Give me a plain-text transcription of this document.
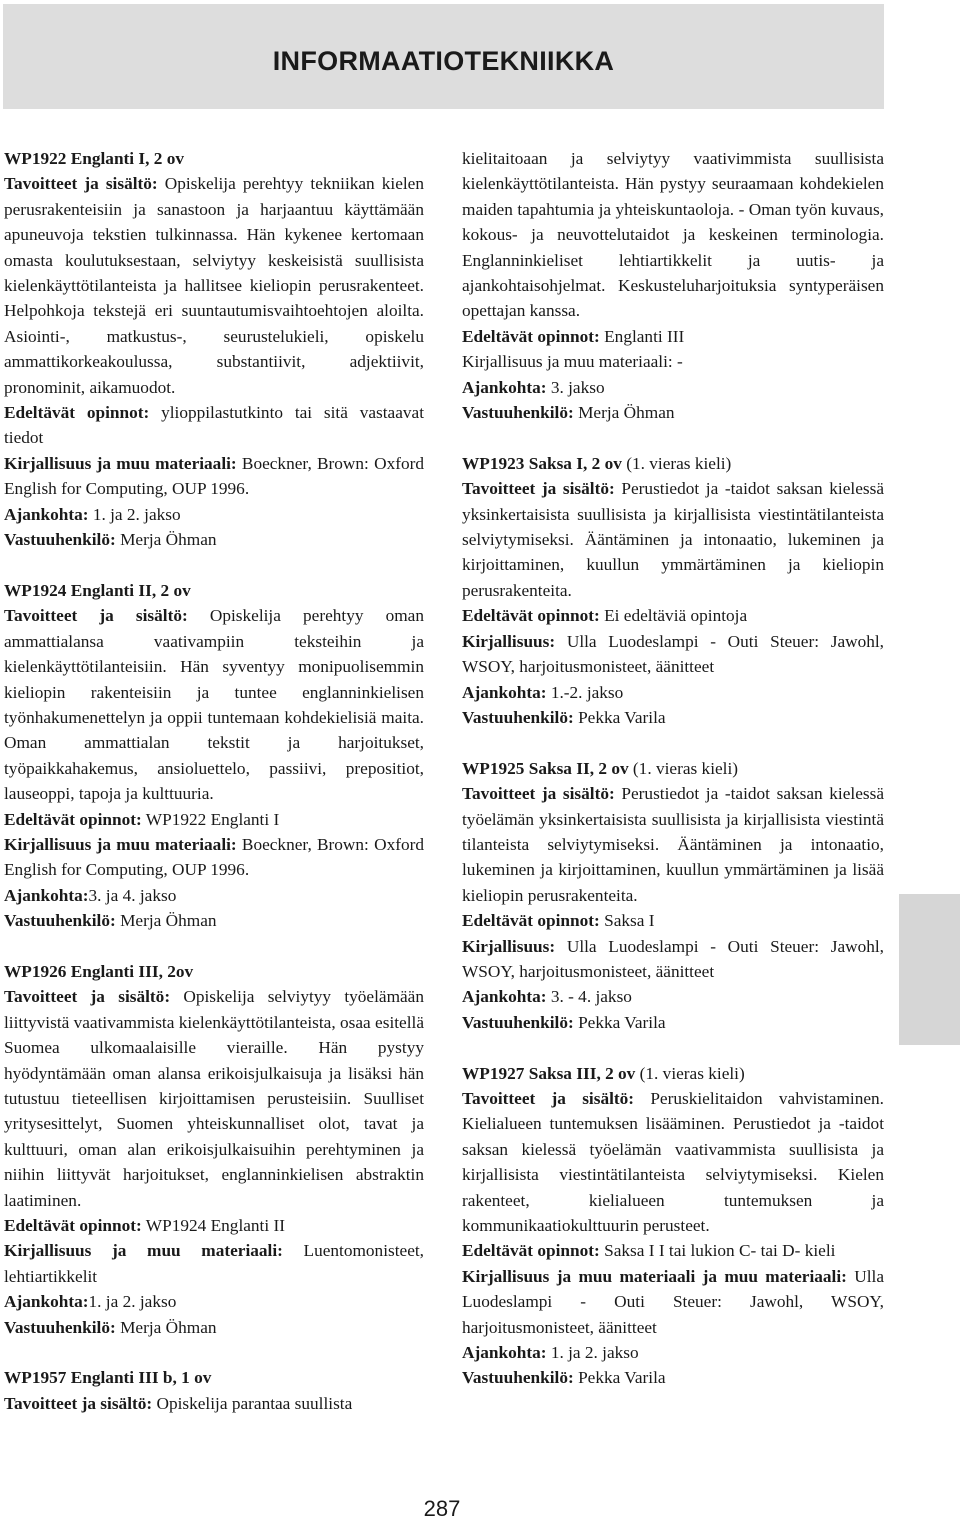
INFORMAATIOTEKNIIKKA
WP1922 Englanti I, 2 ov
Tavoitteet ja sisältö: Opiskelija perehtyy tekniikan kielen perusrakenteisiin ja sanastoon ja harjaantuu käyttämään apuneuvoja tekstien tulkinnassa. Hän kykenee kertomaan omasta koulutuksestaan, selviytyy keskeisistä suullisista kielenkäyttötilanteista ja hallitsee kieliopin perusrakenteet. Helpohkoja tekstejä eri suuntautumisvaihtoehtojen aloilta. Asiointi-, matkustus-, seurustelukieli, opiskelu ammattikorkeakoulussa, substantiivit, adjektiivit, pronominit, aikamuodot.
Edeltävät opinnot: ylioppilastutkinto tai sitä vastaavat tiedot
Kirjallisuus ja muu materiaali: Boeckner, Brown: Oxford English for Computing, OUP 1996.
Ajankohta: 1. ja 2. jakso
Vastuuhenkilö: Merja Öhman
WP1924 Englanti II, 2 ov
Tavoitteet ja sisältö: Opiskelija perehtyy oman ammattialansa vaativampiin teksteihin ja kielenkäyttötilanteisiin. Hän syventyy monipuolisemmin kieliopin rakenteisiin ja tuntee englanninkielisen työnhakumenettelyn ja oppii tuntemaan kohdekielisiä maita. Oman ammattialan tekstit ja harjoitukset, työpaikkahakemus, ansioluettelo, passiivi, prepositiot, lauseoppi, tapoja ja kulttuuria.
Edeltävät opinnot: WP1922 Englanti I
Kirjallisuus ja muu materiaali: Boeckner, Brown: Oxford English for Computing, OUP 1996.
Ajankohta:3. ja 4. jakso
Vastuuhenkilö: Merja Öhman
WP1926 Englanti III, 2ov
Tavoitteet ja sisältö: Opiskelija selviytyy työelämään liittyvistä vaativammista kielenkäyttötilanteista, osaa esitellä Suomea ulkomaalaisille vieraille. Hän pystyy hyödyntämään oman alansa erikoisjulkaisuja ja lisäksi hän tutustuu tieteellisen kirjoittamisen perusteisiin. Suulliset yritysesittelyt, Suomen yhteiskunnalliset olot, tavat ja kulttuuri, oman alan erikoisjulkaisuihin perehtyminen ja niihin liittyvät harjoitukset, englanninkielisen abstraktin laatiminen.
Edeltävät opinnot: WP1924 Englanti II
Kirjallisuus ja muu materiaali: Luentomonisteet, lehtiartikkelit
Ajankohta:1. ja 2. jakso
Vastuuhenkilö: Merja Öhman
WP1957 Englanti III b, 1 ov
Tavoitteet ja sisältö: Opiskelija parantaa suullista
kielitaitoaan ja selviytyy vaativimmista suullisista kielenkäyttötilanteista. Hän pystyy seuraamaan kohdekielen maiden tapahtumia ja yhteiskuntaoloja. - Oman työn kuvaus, kokous- ja neuvottelutaidot ja keskeinen terminologia. Englanninkieliset lehtiartikkelit ja uutis- ja ajankohtaisohjelmat. Keskusteluharjoituksia syntyperäisen opettajan kanssa.
Edeltävät opinnot: Englanti III
Kirjallisuus ja muu materiaali: -
Ajankohta: 3. jakso
Vastuuhenkilö: Merja Öhman
WP1923 Saksa I, 2 ov (1. vieras kieli)
Tavoitteet ja sisältö: Perustiedot ja -taidot saksan kielessä yksinkertaisista suullisista ja kirjallisista viestintätilanteista selviytymiseksi. Ääntäminen ja intonaatio, lukeminen ja kirjoittaminen, kuullun ymmärtäminen ja kieliopin perusrakenteita.
Edeltävät opinnot: Ei edeltäviä opintoja
Kirjallisuus: Ulla Luodeslampi - Outi Steuer: Jawohl, WSOY, harjoitusmonisteet, äänitteet
Ajankohta: 1.-2. jakso
Vastuuhenkilö: Pekka Varila
WP1925 Saksa II, 2 ov (1. vieras kieli)
Tavoitteet ja sisältö: Perustiedot ja -taidot saksan kielessä työelämän yksinkertaisista suullisista ja kirjallisista viestintä tilanteista selviytymiseksi. Ääntäminen ja intonaatio, lukeminen ja kirjoittaminen, kuullun ymmärtäminen ja lisää kieliopin perusrakenteita.
Edeltävät opinnot: Saksa I
Kirjallisuus: Ulla Luodeslampi - Outi Steuer: Jawohl, WSOY, harjoitusmonisteet, äänitteet
Ajankohta: 3. - 4. jakso
Vastuuhenkilö: Pekka Varila
WP1927 Saksa III, 2 ov (1. vieras kieli)
Tavoitteet ja sisältö: Peruskielitaidon vahvistaminen. Kielialueen tuntemuksen lisääminen. Perustiedot ja -taidot saksan kielessä työelämän vaativammista suullisista ja kirjallisista viestintätilanteista selviytymiseksi. Kielen rakenteet, kielialueen tuntemuksen ja kommunikaatiokulttuurin perusteet.
Edeltävät opinnot: Saksa I I tai lukion C- tai D- kieli
Kirjallisuus ja muu materiaali ja muu materiaali: Ulla Luodeslampi - Outi Steuer: Jawohl, WSOY, harjoitusmonisteet, äänitteet
Ajankohta: 1. ja 2. jakso
Vastuuhenkilö: Pekka Varila
287
